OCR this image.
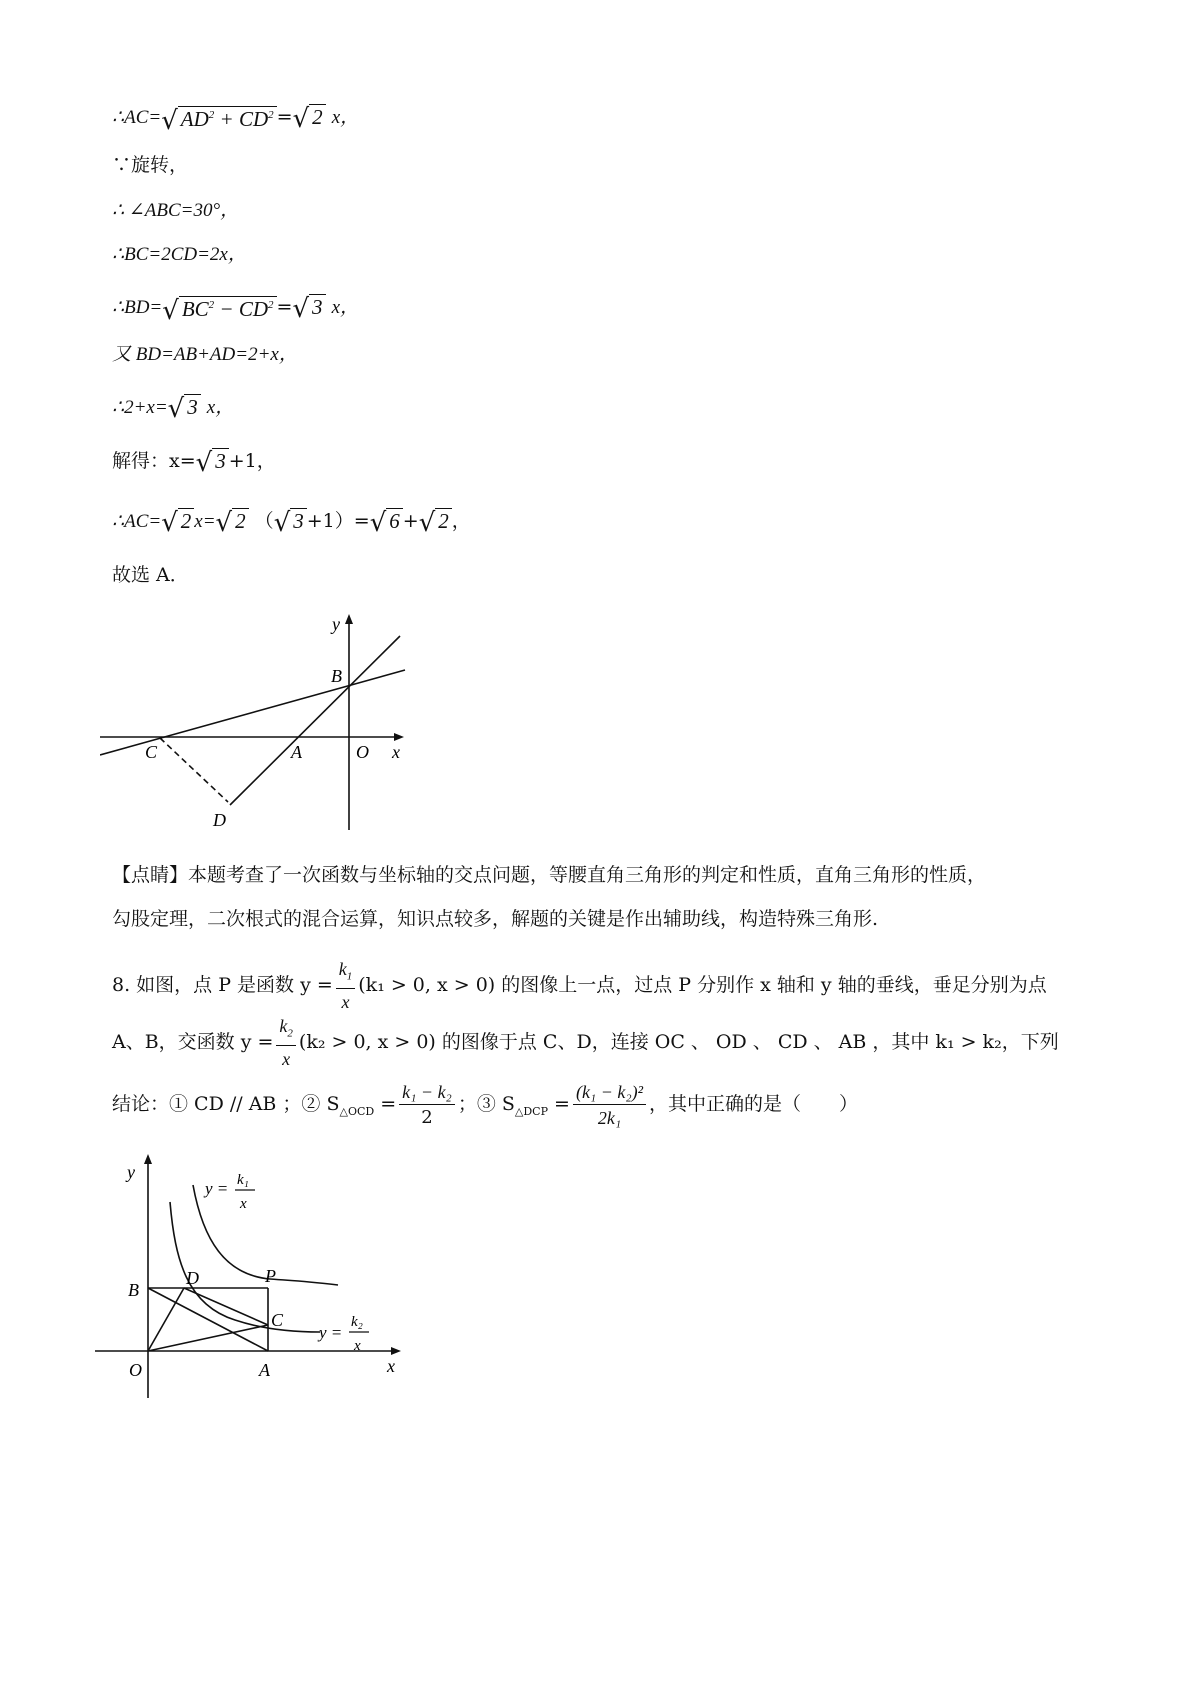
∴AC=√ $AD^2 + CD^2$ =√ 2 x，
∵旋转，
∴ ∠ABC=30°，
∴BC=2CD=2x，
∴BD=√ $BC^2 - CD^2$ =√ 3 x，
又 BD=AB+AD=2+x，
∴2+x=√ 3 x，
解得：x=√ 3 +1，
∴AC=√ 2 x=√ 2 （√ 3 +1）=√ 6 +√ 2 ，
故选 A．
y
x
B
C	A	O
D
【点睛】本题考查了一次函数与坐标轴的交点问题，等腰直角三角形的判定和性质，直角三角形的性质，
勾股定理，二次根式的混合运算，知识点较多，解题的关键是作出辅助线，构造特殊三角形.
8. 如图，点 P 是函数 $y = \frac{k_1}{x} (k_1 > 0$, x > 0) 的图像上一点，过点 P 分别作 x 轴和 y 轴的垂线，垂足分别为点
A、B，交函数 $y = \frac{k_2}{x} (k_2 > 0$, x > 0) 的图像于点 C、D，连接 OC 、 OD 、 CD 、 AB ，其中 k₁ > k₂，下列
结论：① CD // AB ；② $S_{\triangle OCD} = \frac{\text{k₁ − k₂}}{2}$ ；③ $S_{\triangle DCP} = \frac{\text{(k₁ − k₂)²}}{\text{2k₁}}$ ，其中正确的是（　　）
y
x
O	A
B
C
D	P
y = k₁
x
y =
k₂
x
